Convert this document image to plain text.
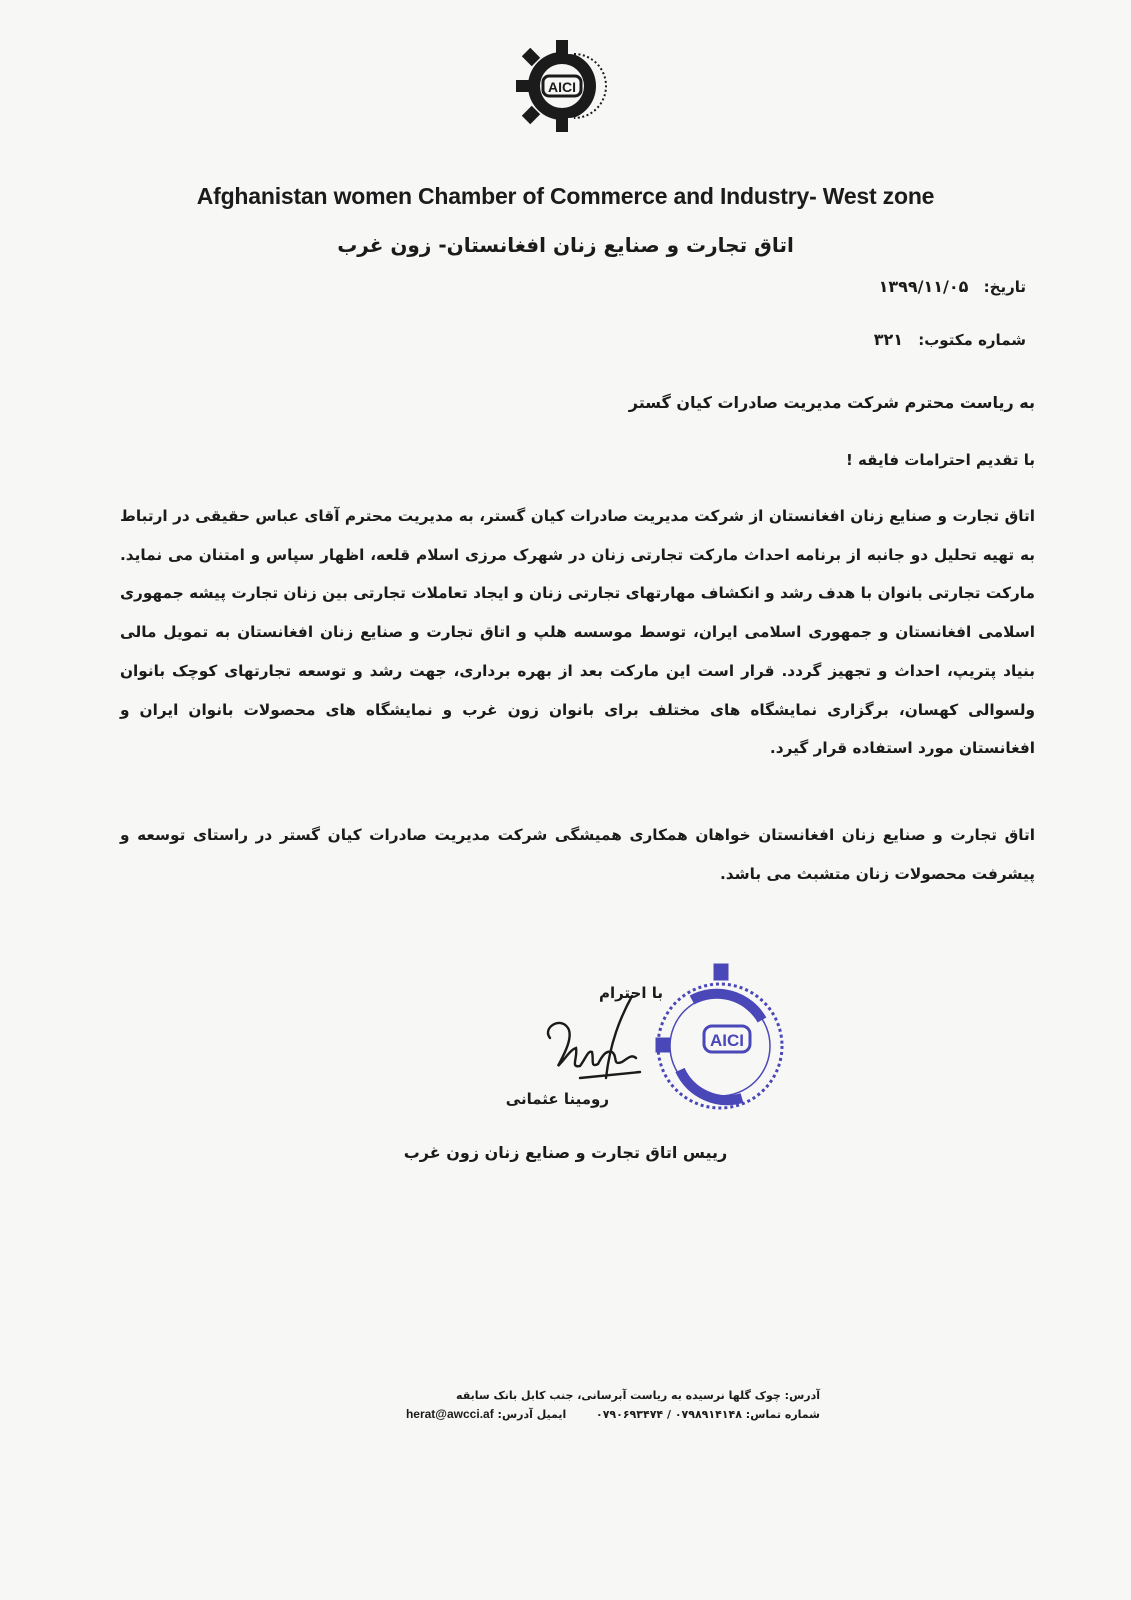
AICI
Afghanistan women Chamber of Commerce and Industry- West zone
اتاق تجارت و صنایع زنان افغانستان- زون غرب
تاریخ: ۱۳۹۹/۱۱/۰۵
شماره مکتوب: ۳۲۱
به ریاست محترم شرکت مدیریت صادرات کیان گستر
با تقدیم احترامات فایقه !
اتاق تجارت و صنایع زنان افغانستان از شرکت مدیریت صادرات کیان گستر، به مدیریت محترم آقای عباس حقیقی در ارتباط به تهیه تحلیل دو جانبه از برنامه احداث مارکت تجارتی زنان در شهرک مرزی اسلام قلعه، اظهار سپاس و امتنان می نماید. مارکت تجارتی بانوان با هدف رشد و انکشاف مهارتهای تجارتی زنان و ایجاد تعاملات تجارتی بین زنان تجارت پیشه جمهوری اسلامی افغانستان و جمهوری اسلامی ایران، توسط موسسه هلپ و اتاق تجارت و صنایع زنان افغانستان به تمویل مالی بنیاد پتریپ، احداث و تجهیز گردد. قرار است این مارکت بعد از بهره برداری، جهت رشد و توسعه تجارتهای کوچک بانوان ولسوالی کهسان، برگزاری نمایشگاه های مختلف برای بانوان زون غرب و نمایشگاه های محصولات بانوان ایران و افغانستان مورد استفاده قرار گیرد.
اتاق تجارت و صنایع زنان افغانستان خواهان همکاری همیشگی شرکت مدیریت صادرات کیان گستر در راستای توسعه و پیشرفت محصولات زنان متشبث می باشد.
با احترام
AICI
رومینا عثمانی
رییس اتاق تجارت و صنایع زنان زون غرب
آدرس: چوک گلها نرسیده به ریاست آبرسانی، جنب کابل بانک سابقه
شماره تماس: ۰۷۹۸۹۱۴۱۴۸ / ۰۷۹۰۶۹۳۴۷۴  ایمیل آدرس: herat@awcci.af
